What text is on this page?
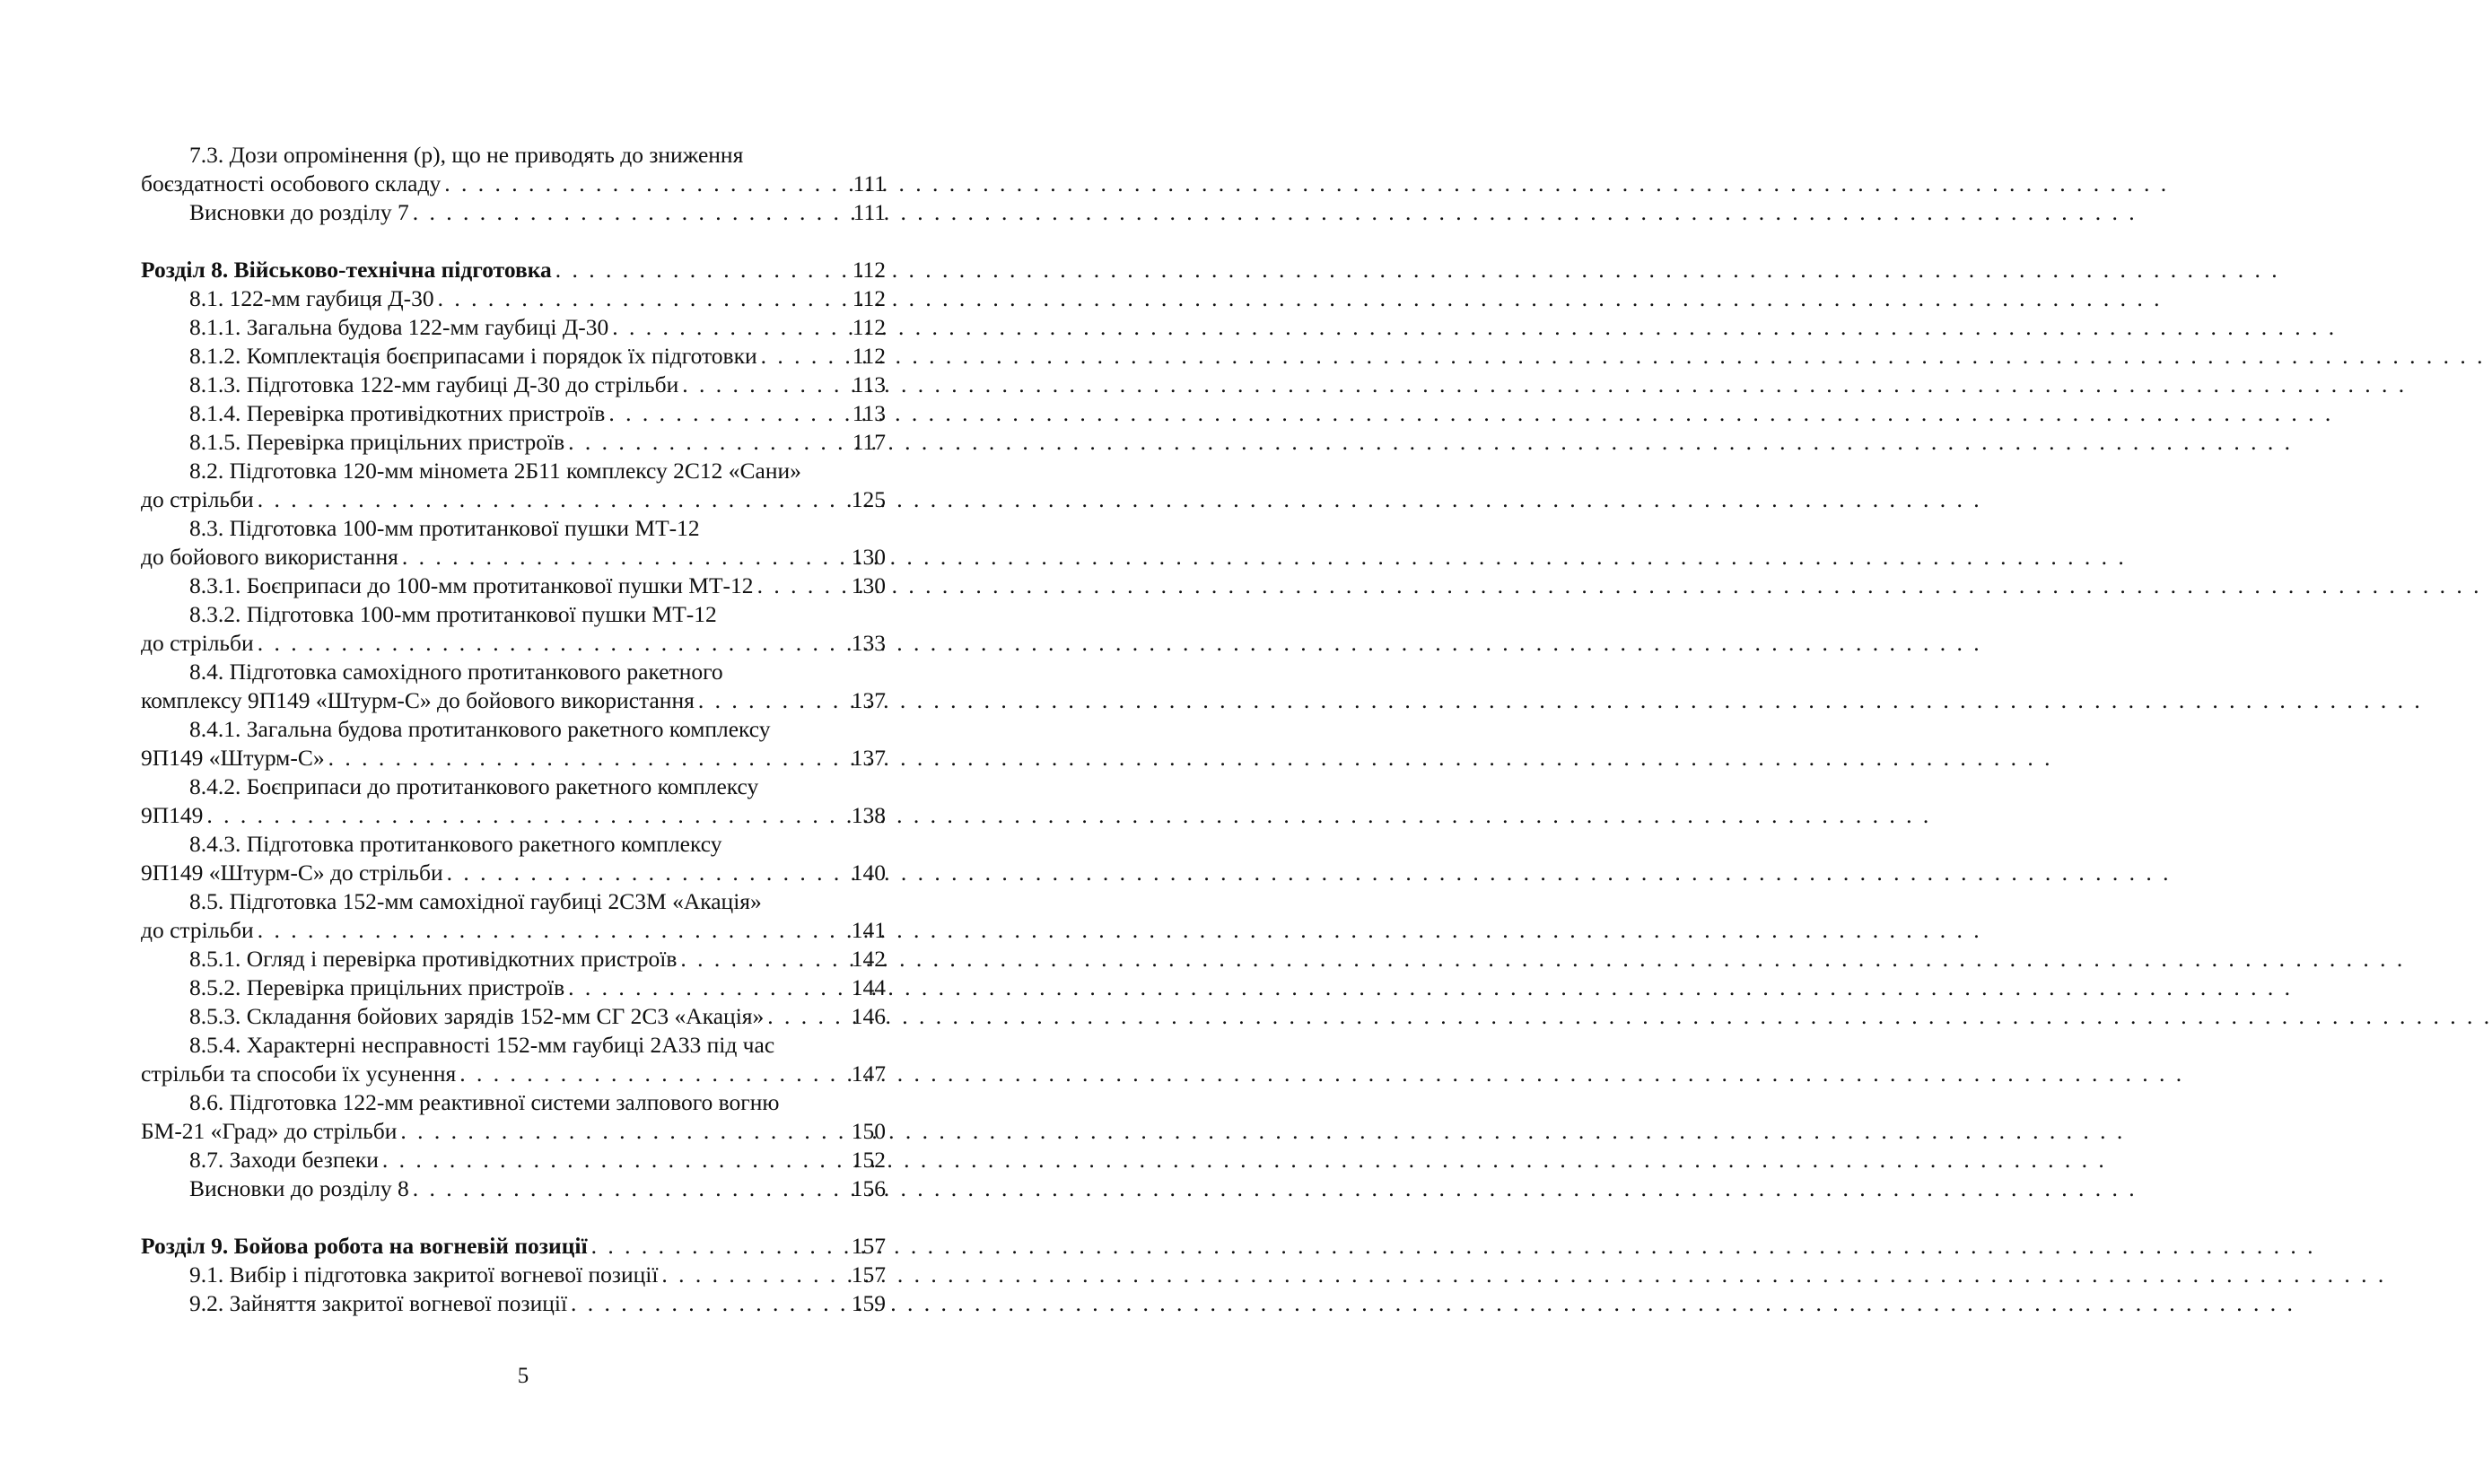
7.3. Дози опромінення (р), що не приводять до зниження
боєздатності особового складу . . .	111
Висновки до розділу 7 . . .	111
Розділ 8. Військово-технічна підготовка . . .	112
8.1. 122-мм гаубиця Д-30 . . .	112
8.1.1. Загальна будова 122-мм гаубиці Д-30 . . .	112
8.1.2. Комплектація боєприпасами і порядок їх підготовки . . .	112
8.1.3. Підготовка 122-мм гаубиці Д-30 до стрільби . . .	113
8.1.4. Перевірка противідкотних пристроїв . . .	113
8.1.5. Перевірка прицільних пристроїв . . .	117
8.2. Підготовка 120-мм міномета 2Б11 комплексу 2С12 «Сани»
до стрільби . . .	125
8.3. Підготовка 100-мм протитанкової пушки МТ-12
до бойового використання . . .	130
8.3.1. Боєприпаси до 100-мм протитанкової пушки МТ-12 . . .	130
8.3.2. Підготовка 100-мм протитанкової пушки МТ-12
до стрільби . . .	133
8.4. Підготовка самохідного протитанкового ракетного
комплексу 9П149 «Штурм-С» до бойового використання . . .	137
8.4.1. Загальна будова протитанкового ракетного комплексу
9П149 «Штурм-С» . . .	137
8.4.2. Боєприпаси до протитанкового ракетного комплексу
9П149 . . .	138
8.4.3. Підготовка протитанкового ракетного комплексу
9П149 «Штурм-С» до стрільби . . .	140
8.5. Підготовка 152-мм самохідної гаубиці 2С3М «Акація»
до стрільби . . .	141
8.5.1. Огляд і перевірка противідкотних пристроїв . . .	142
8.5.2. Перевірка прицільних пристроїв . . .	144
8.5.3. Складання бойових зарядів 152-мм СГ 2С3 «Акація» . . .	146
8.5.4. Характерні несправності 152-мм гаубиці 2А33 під час
стрільби та способи їх усунення . . .	147
8.6. Підготовка 122-мм реактивної системи залпового вогню
БМ-21 «Град» до стрільби . . .	150
8.7. Заходи безпеки . . .	152
Висновки до розділу 8 . . .	156
Розділ 9. Бойова робота на вогневій позиції . . .	157
9.1. Вибір і підготовка закритої вогневої позиції . . .	157
9.2. Зайняття закритої вогневої позиції . . .	159
5
